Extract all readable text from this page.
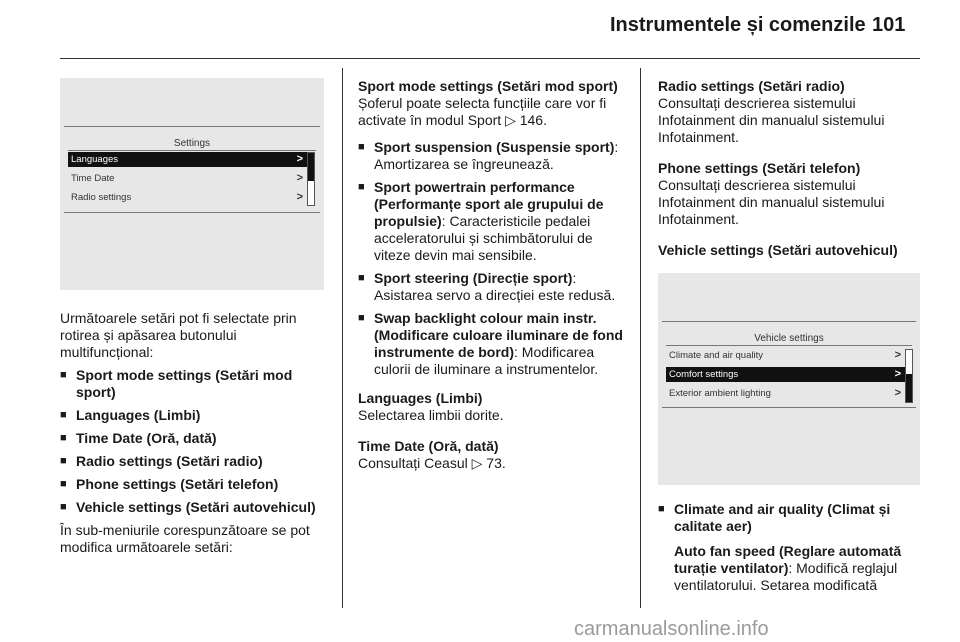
Instrumentele și comenzile 101
Settings
Languages	>
Time Date	>
Radio settings	>

Următoarele setări pot fi selectate prin rotirea și apăsarea butonului multifuncțional:

■ Sport mode settings (Setări mod sport)
■ Languages (Limbi)
■ Time Date (Oră, dată)
■ Radio settings (Setări radio)
■ Phone settings (Setări telefon)
■ Vehicle settings (Setări autovehicul)

În sub-meniurile corespunzătoare se pot modifica următoarele setări:

Sport mode settings (Setări mod sport)

Șoferul poate selecta funcțiile care vor fi activate în modul Sport ▷ 146.

■ Sport suspension (Suspensie sport): Amortizarea se îngreunează.
■ Sport powertrain performance (Performanțe sport ale grupului de propulsie): Caracteristicile pedalei acceleratorului și schimbătorului de viteze devin mai sensibile.
■ Sport steering (Direcție sport): Asistarea servo a direcției este redusă.
■ Swap backlight colour main instr. (Modificare culoare iluminare de fond instrumente de bord): Modificarea culorii de iluminare a instrumentelor.
Languages (Limbi)

Selectarea limbii dorite.

Time Date (Oră, dată)

Consultați Ceasul ▷ 73.

Radio settings (Setări radio)

Consultați descrierea sistemului Infotainment din manualul sistemului Infotainment.

Phone settings (Setări telefon)

Consultați descrierea sistemului Infotainment din manualul sistemului Infotainment.

Vehicle settings (Setări autovehicul)
Vehicle settings
Climate and air quality	>
Comfort settings	>
Exterior ambient lighting	>
■ Climate and air quality (Climat și calitate aer)

Auto fan speed (Reglare automată turație ventilator): Modifică reglajul ventilatorului. Setarea modificată

carmanualsonline.info
